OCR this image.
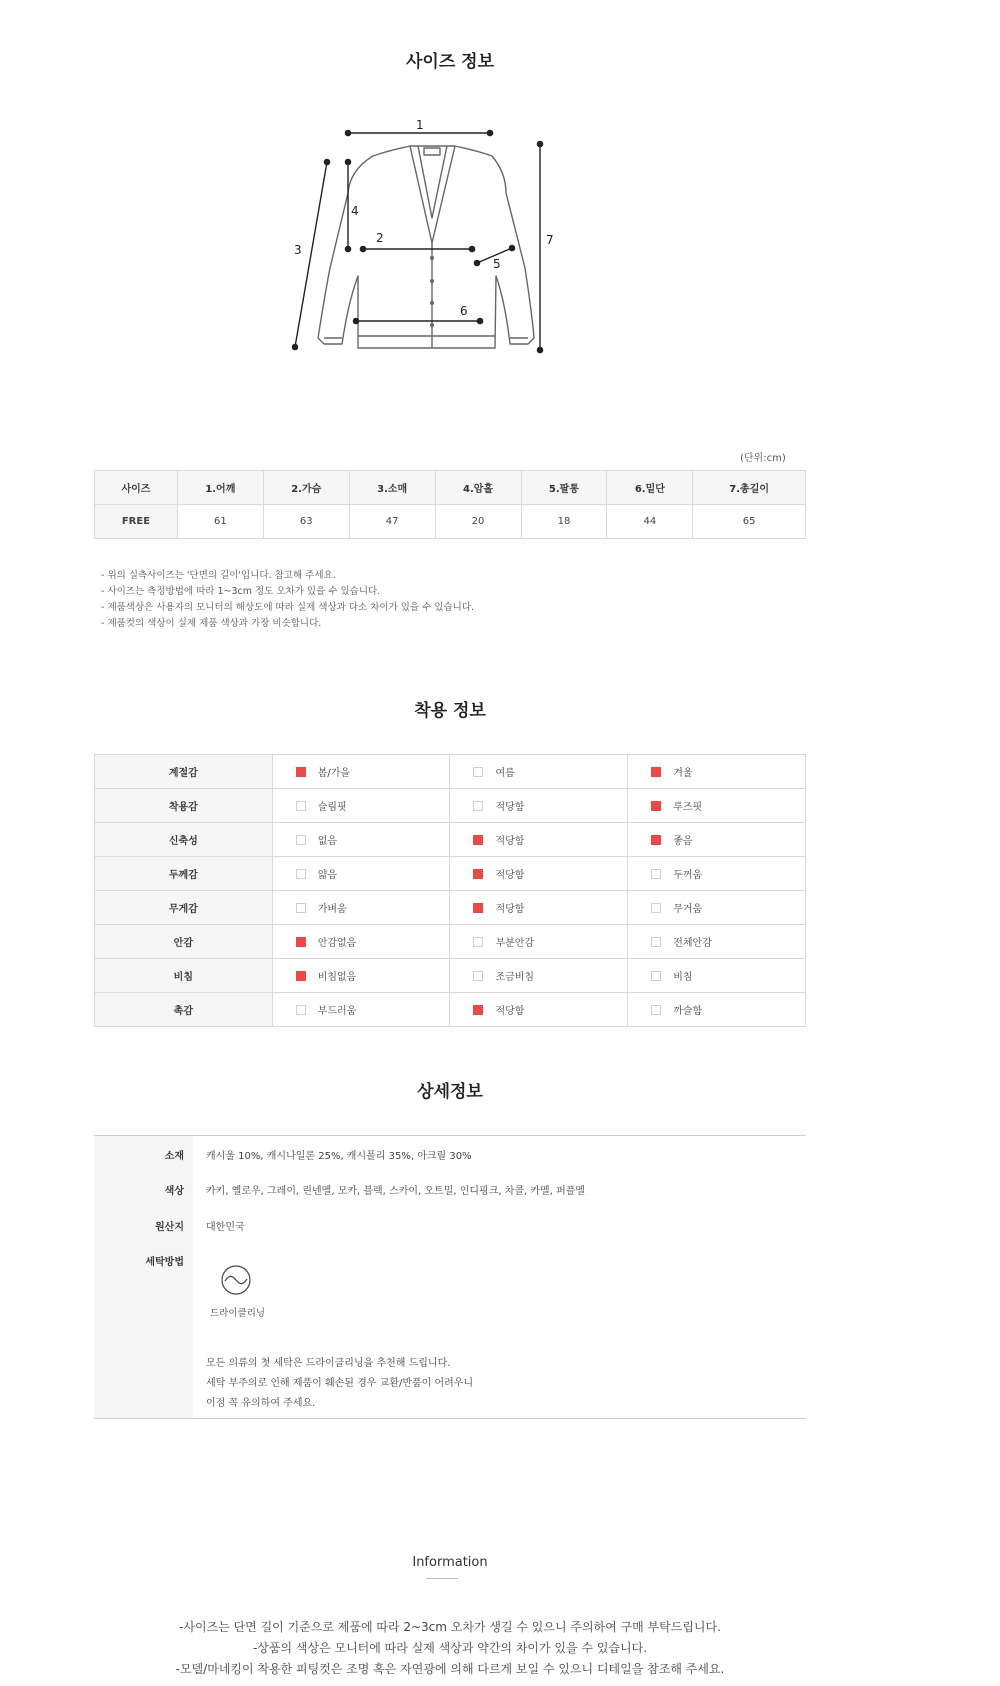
사이즈 정보
1
2
3
4
5
6
7
(단위:cm)
사이즈	1.어깨	2.가슴	3.소매	4.암홀	5.팔통	6.밑단	7.총길이
FREE	61	63	47	20	18	44	65
- 위의 실측사이즈는 '단면의 길이'입니다. 참고해 주세요.
- 사이즈는 측정방법에 따라 1~3cm 정도 오차가 있을 수 있습니다.
- 제품색상은 사용자의 모니터의 해상도에 따라 실제 색상과 다소 차이가 있을 수 있습니다.
- 제품컷의 색상이 실제 제품 색상과 가장 비슷합니다.
착용 정보
계절감	봄/가을	여름	겨울
착용감	슬림핏	적당함	루즈핏
신축성	없음	적당함	좋음
두께감	얇음	적당함	두꺼움
무게감	가벼움	적당함	무거움
안감	안감없음	부분안감	전체안감
비침	비침없음	조금비침	비침
촉감	부드러움	적당함	까슬함
상세정보
소재 캐시울 10%, 캐시나일론 25%, 캐시폴리 35%, 아크릴 30%
색상 카키, 옐로우, 그레이, 린넨멜, 모카, 블랙, 스카이, 오트밀, 인디핑크, 차콜, 카멜, 퍼플멜
원산지 대한민국
세탁방법
드라이클리닝
모든 의류의 첫 세탁은 드라이클리닝을 추천해 드립니다.
세탁 부주의로 인해 제품이 훼손된 경우 교환/반품이 어려우니
이점 꼭 유의하여 주세요.
Information
-사이즈는 단면 길이 기준으로 제품에 따라 2~3cm 오차가 생길 수 있으니 주의하여 구매 부탁드립니다.
-상품의 색상은 모니터에 따라 실제 색상과 약간의 차이가 있을 수 있습니다.
-모델/마네킹이 착용한 피팅컷은 조명 혹은 자연광에 의해 다르게 보일 수 있으니 디테일을 참조해 주세요.
